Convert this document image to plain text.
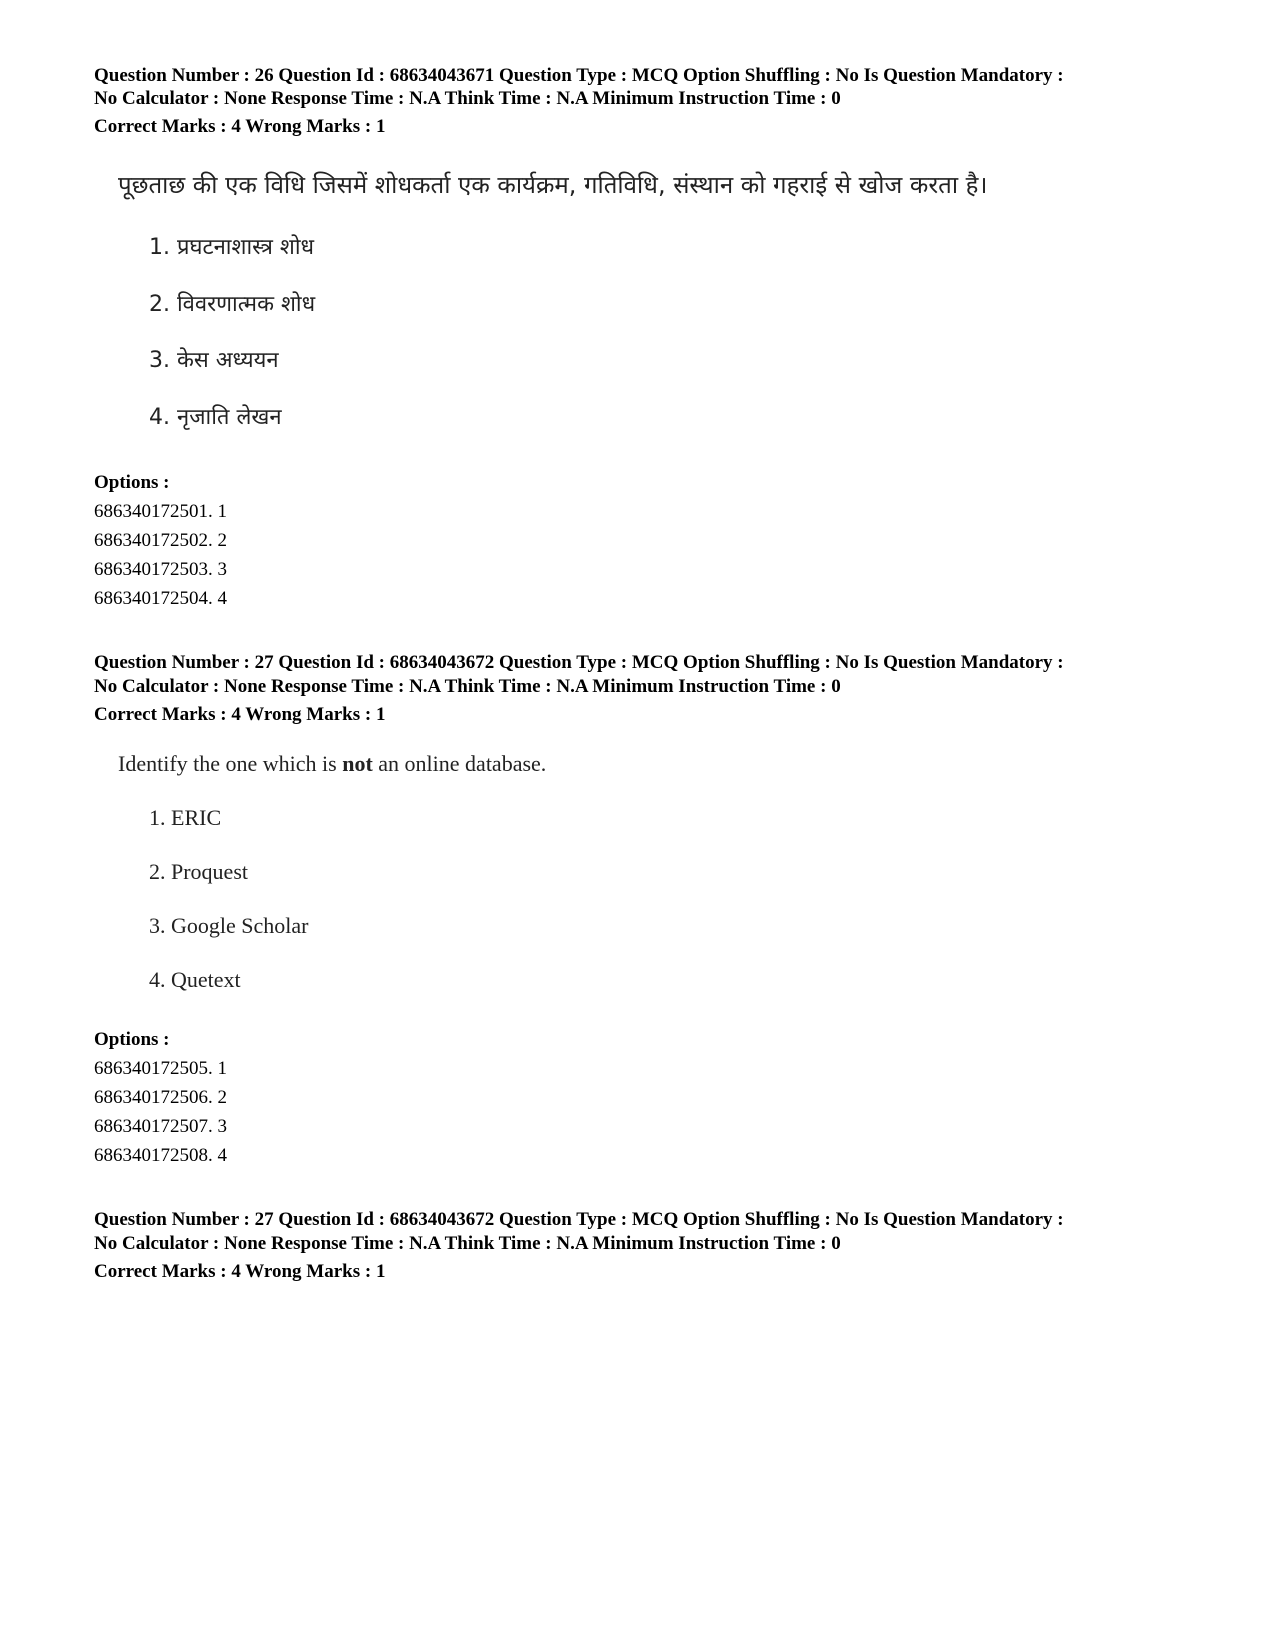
Question Number : 26 Question Id : 68634043671 Question Type : MCQ Option Shuffling : No Is Question Mandatory :
No Calculator : None Response Time : N.A Think Time : N.A Minimum Instruction Time : 0
Correct Marks : 4 Wrong Marks : 1
पूछताछ की एक विधि जिसमें शोधकर्ता एक कार्यक्रम, गतिविधि, संस्थान को गहराई से खोज करता है।
1. प्रघटनाशास्त्र शोध
2. विवरणात्मक शोध
3. केस अध्ययन
4. नृजाति लेखन
Options :
686340172501. 1
686340172502. 2
686340172503. 3
686340172504. 4
Question Number : 27 Question Id : 68634043672 Question Type : MCQ Option Shuffling : No Is Question Mandatory :
No Calculator : None Response Time : N.A Think Time : N.A Minimum Instruction Time : 0
Correct Marks : 4 Wrong Marks : 1
Identify the one which is not an online database.
1. ERIC
2. Proquest
3. Google Scholar
4. Quetext
Options :
686340172505. 1
686340172506. 2
686340172507. 3
686340172508. 4
Question Number : 27 Question Id : 68634043672 Question Type : MCQ Option Shuffling : No Is Question Mandatory :
No Calculator : None Response Time : N.A Think Time : N.A Minimum Instruction Time : 0
Correct Marks : 4 Wrong Marks : 1
